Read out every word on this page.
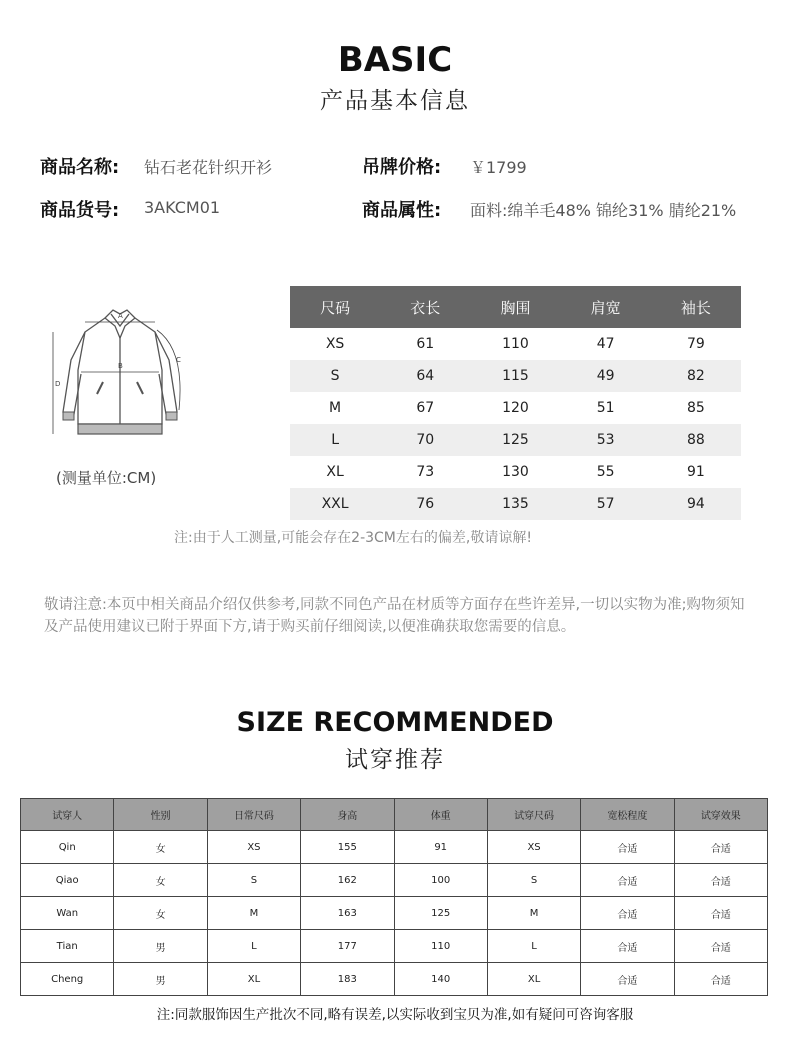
BASIC
产品基本信息
商品名称: 钻石老花针织开衫	吊牌价格: ￥1799
商品货号: 3AKCM01	商品属性: 面料:绵羊毛48% 锦纶31% 腈纶21%
A
B
C
D
(测量单位:CM)
尺码	衣长	胸围	肩宽	袖长
XS	61	110	47	79
S	64	115	49	82
M	67	120	51	85
L	70	125	53	88
XL	73	130	55	91
XXL	76	135	57	94
注:由于人工测量,可能会存在2-3CM左右的偏差,敬请谅解!
敬请注意:本页中相关商品介绍仅供参考,同款不同色产品在材质等方面存在些许差异,一切以实物为准;购物须知及产品使用建议已附于界面下方,请于购买前仔细阅读,以便准确获取您需要的信息。
SIZE RECOMMENDED
试穿推荐
试穿人	性别	日常尺码	身高	体重	试穿尺码	宽松程度	试穿效果
Qin	女	XS	155	91	XS	合适	合适
Qiao	女	S	162	100	S	合适	合适
Wan	女	M	163	125	M	合适	合适
Tian	男	L	177	110	L	合适	合适
Cheng	男	XL	183	140	XL	合适	合适
注:同款服饰因生产批次不同,略有误差,以实际收到宝贝为准,如有疑问可咨询客服
